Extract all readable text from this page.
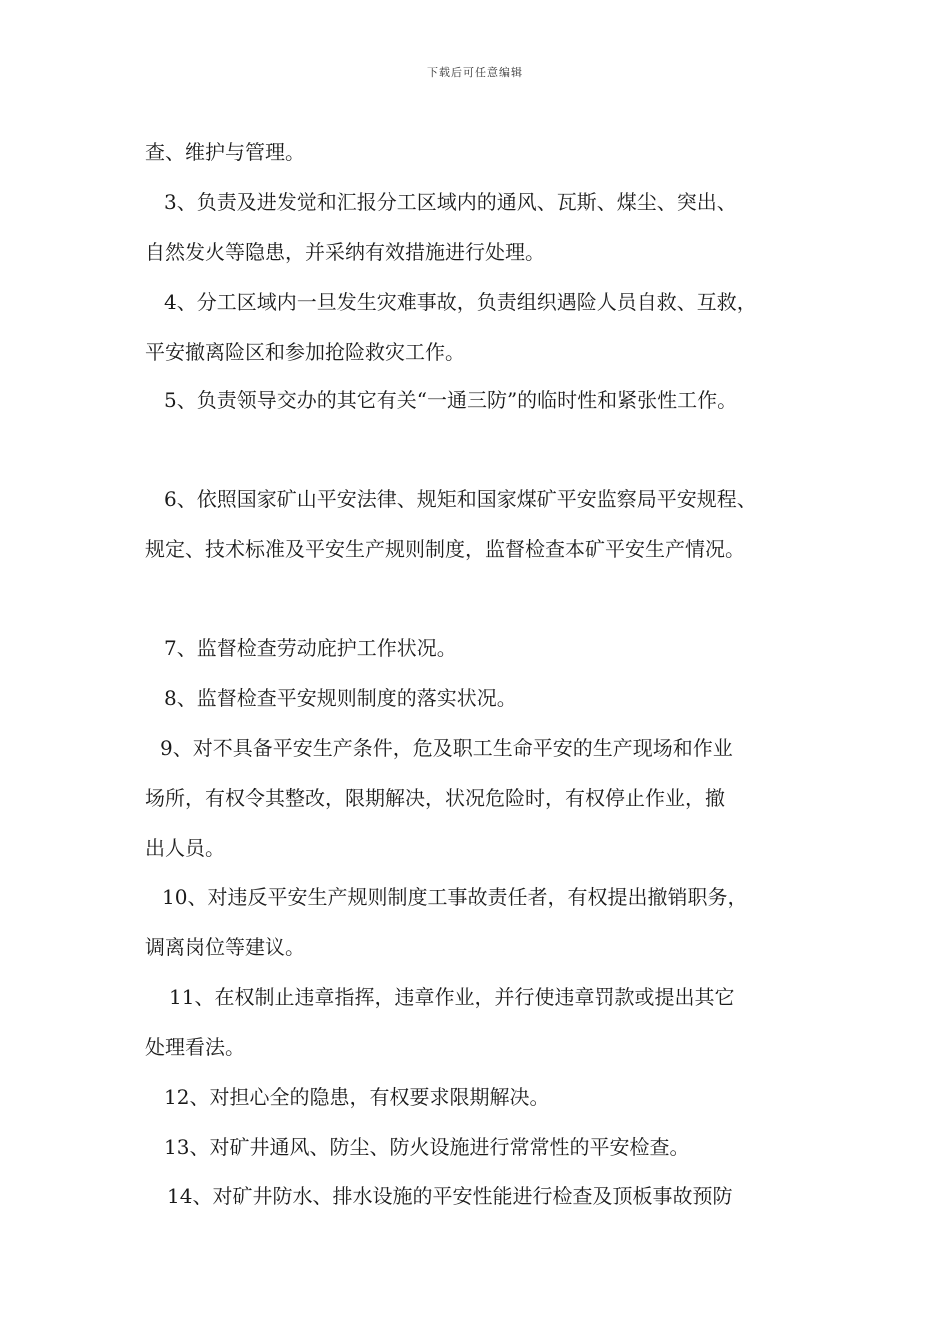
下载后可任意编辑
查、维护与管理。
3、负责及进发觉和汇报分工区域内的通风、瓦斯、煤尘、突出、
自然发火等隐患，并采纳有效措施进行处理。
4、分工区域内一旦发生灾难事故，负责组织遇险人员自救、互救，
平安撤离险区和参加抢险救灾工作。
5、负责领导交办的其它有关“一通三防”的临时性和紧张性工作。
6、依照国家矿山平安法律、规矩和国家煤矿平安监察局平安规程、
规定、技术标准及平安生产规则制度，监督检查本矿平安生产情况。
7、监督检查劳动庇护工作状况。
8、监督检查平安规则制度的落实状况。
9、对不具备平安生产条件，危及职工生命平安的生产现场和作业
场所，有权令其整改，限期解决，状况危险时，有权停止作业，撤
出人员。
10、对违反平安生产规则制度工事故责任者，有权提出撤销职务，
调离岗位等建议。
11、在权制止违章指挥，违章作业，并行使违章罚款或提出其它
处理看法。
12、对担心全的隐患，有权要求限期解决。
13、对矿井通风、防尘、防火设施进行常常性的平安检查。
14、对矿井防水、排水设施的平安性能进行检查及顶板事故预防
